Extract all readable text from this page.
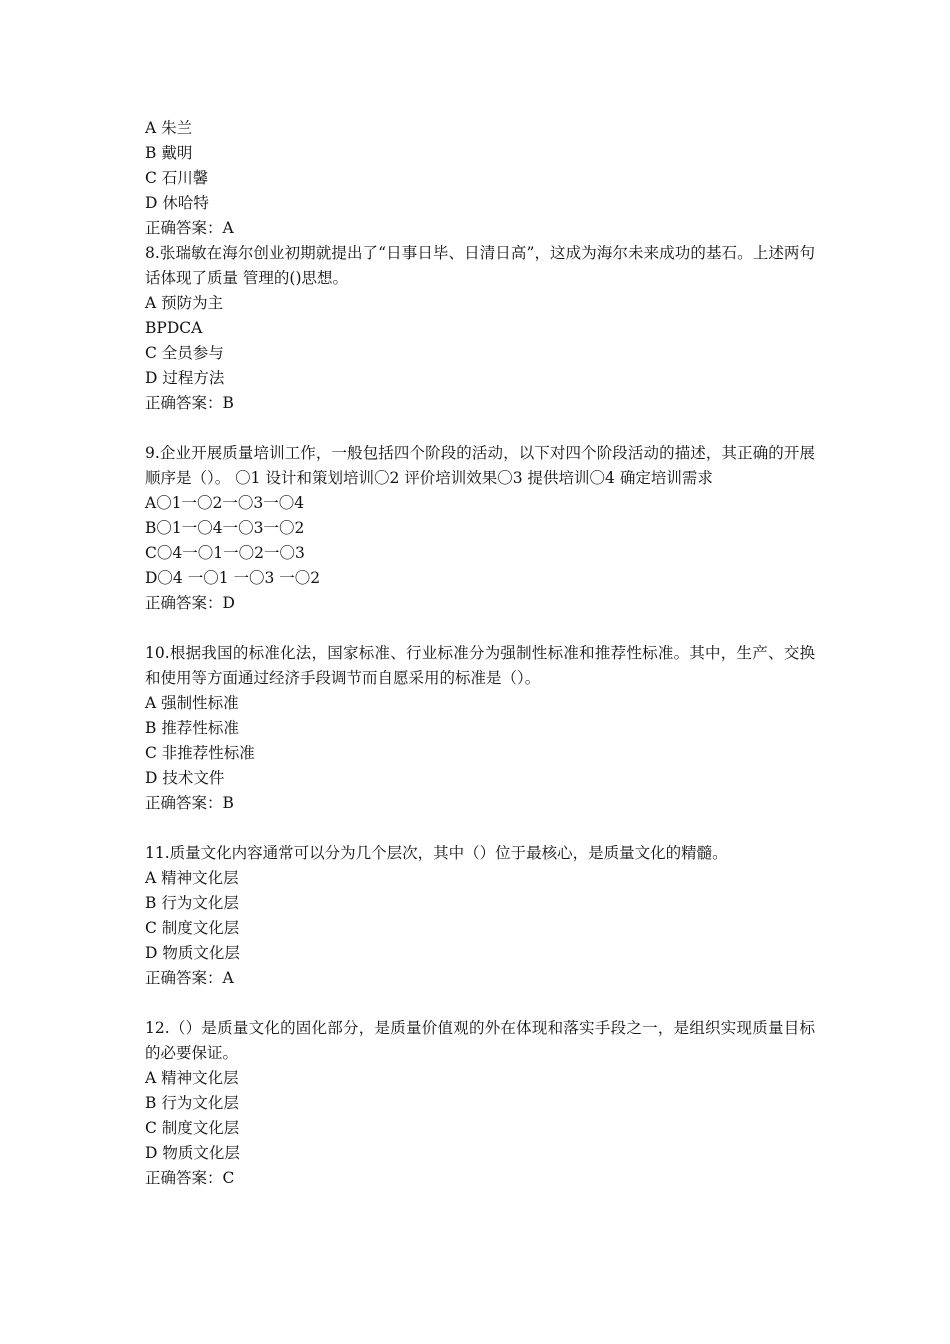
A 朱兰
B 戴明
C 石川馨
D 休哈特
正确答案：A
8.张瑞敏在海尔创业初期就提出了“日事日毕、日清日高”，这成为海尔未来成功的基石。上述两句话体现了质量 管理的()思想。
A 预防为主
BPDCA
C 全员参与
D 过程方法
正确答案：B
9.企业开展质量培训工作，一般包括四个阶段的活动，以下对四个阶段活动的描述，其正确的开展顺序是（）。 〇1 设计和策划培训〇2 评价培训效果〇3 提供培训〇4 确定培训需求
A〇1一〇2一〇3一〇4
B〇1一〇4一〇3一〇2
C〇4一〇1一〇2一〇3
D〇4 一〇1 一〇3 一〇2
正确答案：D
10.根据我国的标准化法，国家标准、行业标准分为强制性标准和推荐性标准。其中，生产、交换和使用等方面通过经济手段调节而自愿采用的标准是（）。
A 强制性标准
B 推荐性标准
C 非推荐性标准
D 技术文件
正确答案：B
11.质量文化内容通常可以分为几个层次，其中（）位于最核心，是质量文化的精髓。
A 精神文化层
B 行为文化层
C 制度文化层
D 物质文化层
正确答案：A
12.（）是质量文化的固化部分，是质量价值观的外在体现和落实手段之一，是组织实现质量目标的必要保证。
A 精神文化层
B 行为文化层
C 制度文化层
D 物质文化层
正确答案：C
